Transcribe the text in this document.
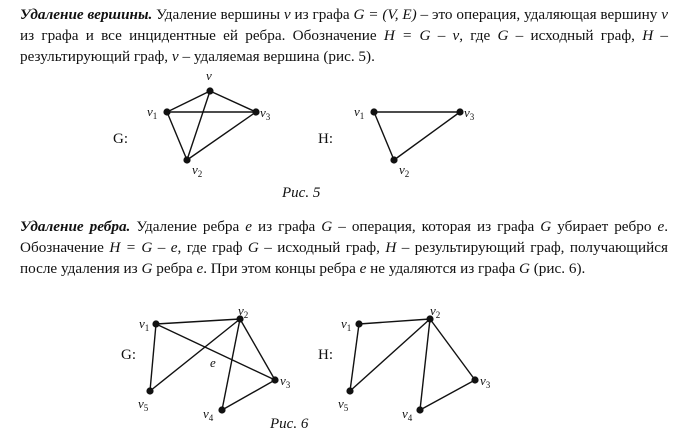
Удаление вершины. Удаление вершины v из графа G = (V, E) – это операция, удаляющая вершину v из графа и все инцидентные ей ребра. Обозначение H = G – v, где G – исходный граф, H – результирующий граф, v – удаляемая вершина (рис. 5).
Удаление ребра. Удаление ребра e из графа G – операция, которая из графа G убирает ребро e. Обозначение H = G – e, где граф G – исходный граф, H – результирующий граф, получающийся после удаления из G ребра e. При этом концы ребра e не удаляются из графа G (рис. 6).
G:	H:
v
$v_1$	$v_3$
$v_2$
$v_1$	$v_3$
$v_2$
Рис. 5
G:	H:
e
$v_1$
$v_2$
$v_3$
$v_4$
$v_5$
$v_1$
$v_2$
$v_3$
$v_4$
$v_5$
Рис. 6
